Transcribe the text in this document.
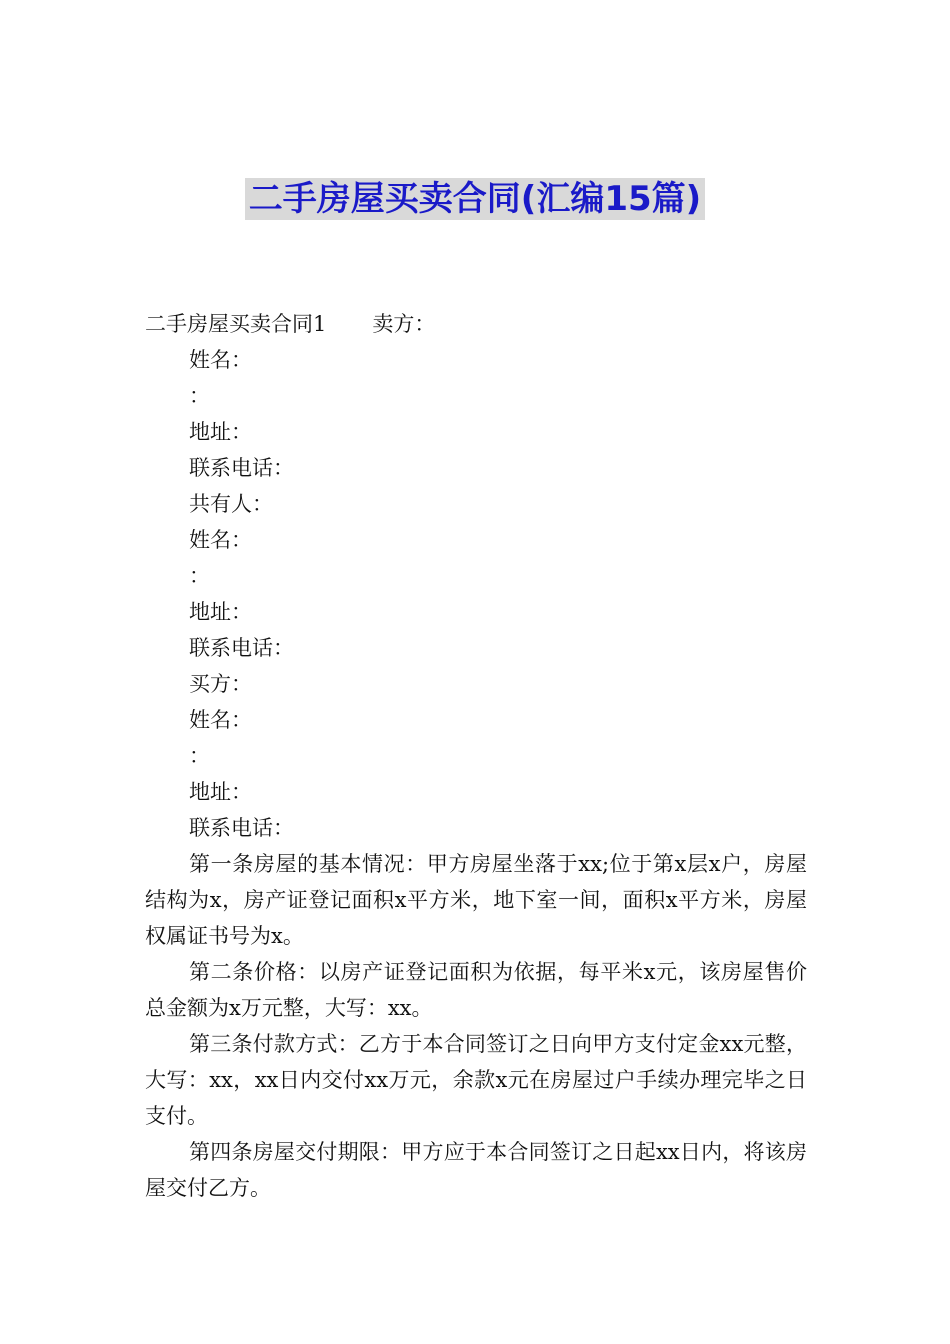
二手房屋买卖合同(汇编15篇)

二手房屋买卖合同1 卖方：

姓名：

：

地址：

联系电话：

共有人：

姓名：

：

地址：

联系电话：

买方：

姓名：

：

地址：

联系电话：

第一条房屋的基本情况：甲方房屋坐落于xx;位于第x层x户，房屋结构为x，房产证登记面积x平方米，地下室一间，面积x平方米，房屋权属证书号为x。

第二条价格：以房产证登记面积为依据，每平米x元，该房屋售价总金额为x万元整，大写：xx。

第三条付款方式：乙方于本合同签订之日向甲方支付定金xx元整，大写：xx，xx日内交付xx万元，余款x元在房屋过户手续办理完毕之日支付。

第四条房屋交付期限：甲方应于本合同签订之日起xx日内，将该房屋交付乙方。
